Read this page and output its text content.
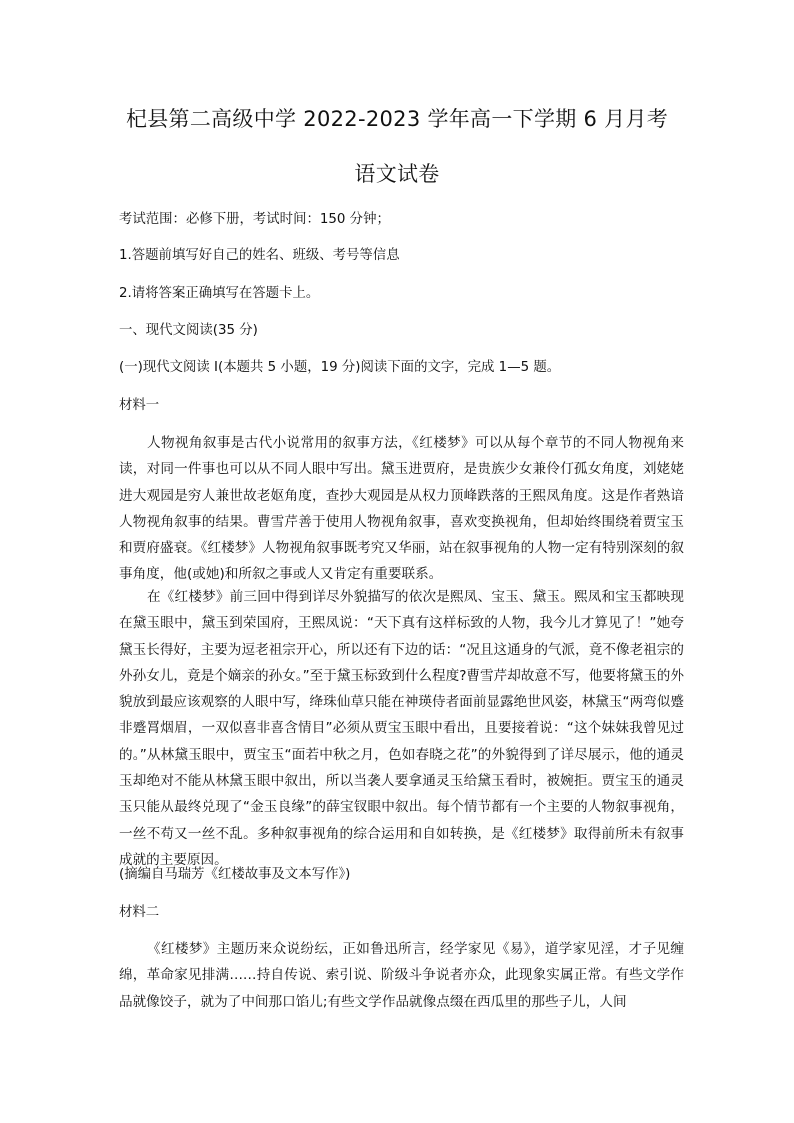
杞县第二高级中学 2022-2023 学年高一下学期 6 月月考
语文试卷
考试范围：必修下册，考试时间：150 分钟；
1.答题前填写好自己的姓名、班级、考号等信息
2.请将答案正确填写在答题卡上。
一、现代文阅读(35 分)
(一)现代文阅读 I(本题共 5 小题，19 分)阅读下面的文字，完成 1—5 题。
材料一

人物视角叙事是古代小说常用的叙事方法，《红楼梦》可以从每个章节的不同人物视角来读，对同一件事也可以从不同人眼中写出。黛玉进贾府，是贵族少女兼伶仃孤女角度，刘姥姥进大观园是穷人兼世故老妪角度，查抄大观园是从权力顶峰跌落的王熙凤角度。这是作者熟谙人物视角叙事的结果。曹雪芹善于使用人物视角叙事，喜欢变换视角，但却始终围绕着贾宝玉和贾府盛衰。《红楼梦》人物视角叙事既考究又华丽，站在叙事视角的人物一定有特别深刻的叙事角度，他(或她)和所叙之事或人又肯定有重要联系。

在《红楼梦》前三回中得到详尽外貌描写的依次是熙凤、宝玉、黛玉。熙凤和宝玉都映现在黛玉眼中，黛玉到荣国府，王熙凤说：“天下真有这样标致的人物，我今儿才算见了！”她夸黛玉长得好，主要为逗老祖宗开心，所以还有下边的话：“况且这通身的气派，竟不像老祖宗的外孙女儿，竟是个嫡亲的孙女。”至于黛玉标致到什么程度?曹雪芹却故意不写，他要将黛玉的外貌放到最应该观察的人眼中写，绛珠仙草只能在神瑛侍者面前显露绝世风姿，林黛玉“两弯似蹙非蹙罥烟眉，一双似喜非喜含情目”必须从贾宝玉眼中看出，且要接着说：“这个妹妹我曾见过的。”从林黛玉眼中，贾宝玉“面若中秋之月，色如春晓之花”的外貌得到了详尽展示，他的通灵玉却绝对不能从林黛玉眼中叙出，所以当袭人要拿通灵玉给黛玉看时，被婉拒。贾宝玉的通灵玉只能从最终兑现了“金玉良缘”的薛宝钗眼中叙出。每个情节都有一个主要的人物叙事视角，一丝不苟又一丝不乱。多种叙事视角的综合运用和自如转换，是《红楼梦》取得前所未有叙事成就的主要原因。

(摘编自马瑞芳《红楼故事及文本写作》)
材料二

《红楼梦》主题历来众说纷纭，正如鲁迅所言，经学家见《易》，道学家见淫，才子见缠绵，革命家见排满……持自传说、索引说、阶级斗争说者亦众，此现象实属正常。有些文学作品就像饺子，就为了中间那口馅儿;有些文学作品就像点缀在西瓜里的那些子儿，人间
